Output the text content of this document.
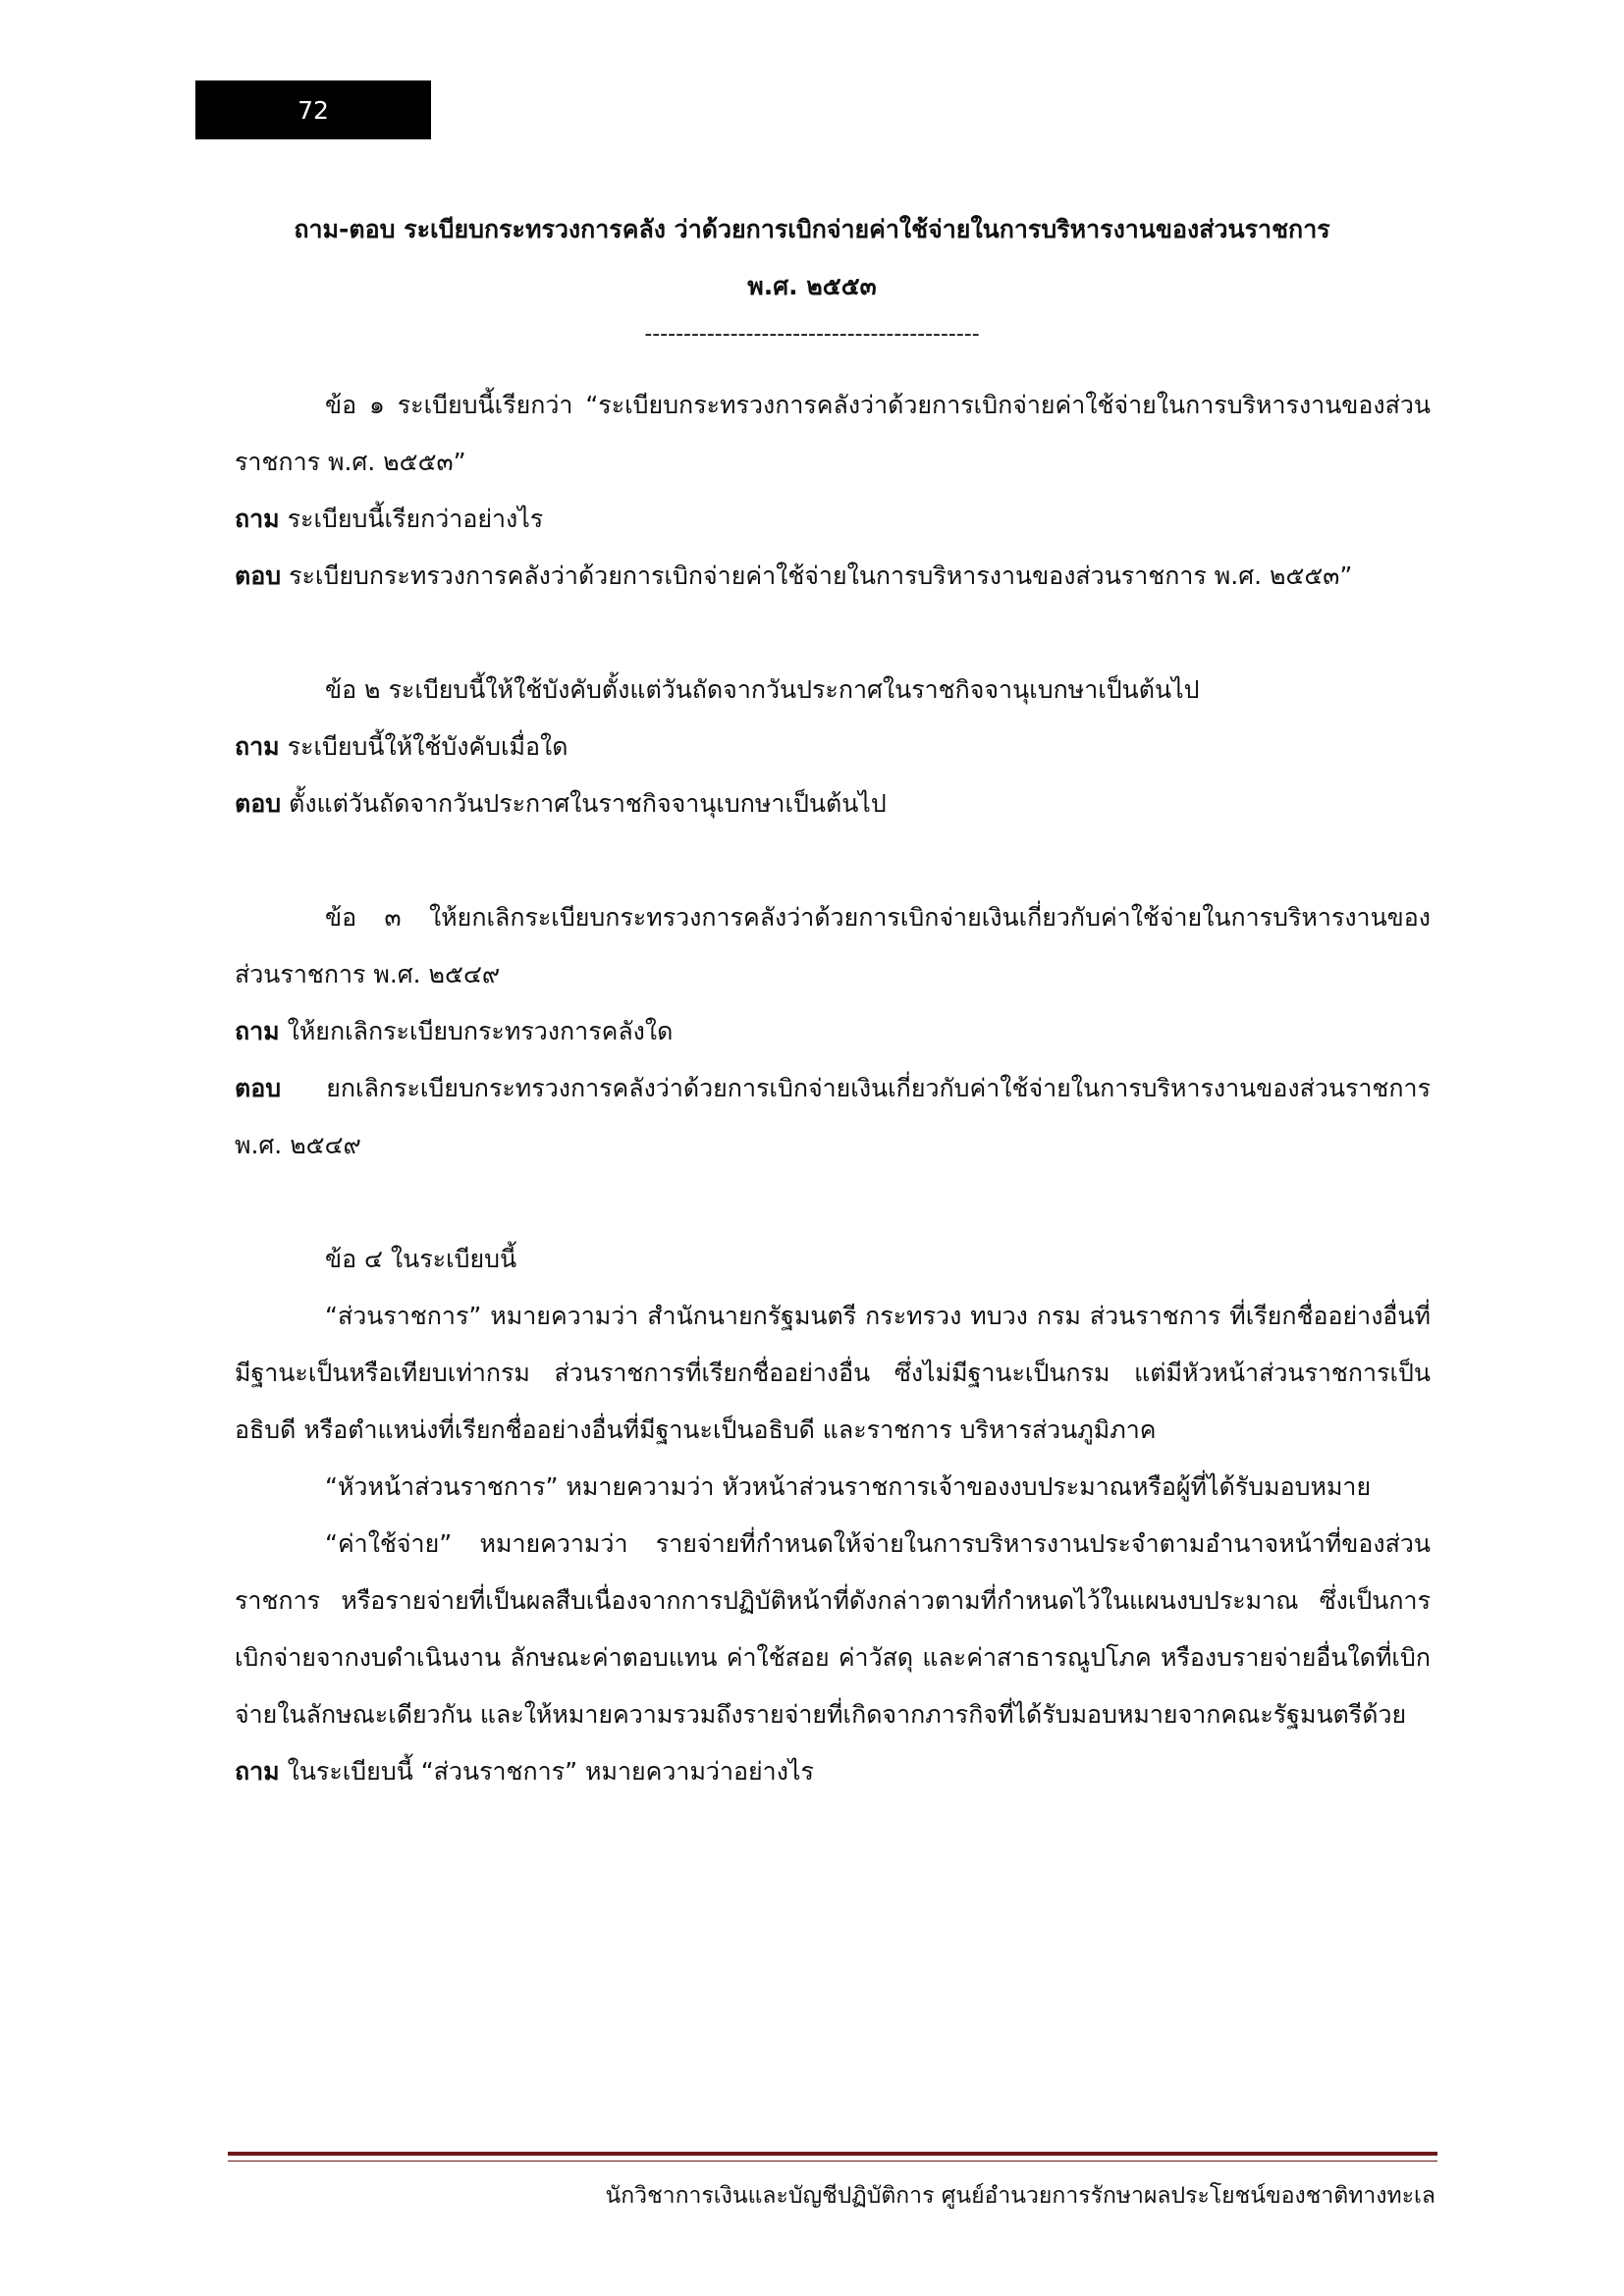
72
ถาม-ตอบ ระเบียบกระทรวงการคลัง ว่าด้วยการเบิกจ่ายค่าใช้จ่ายในการบริหารงานของส่วนราชการ
พ.ศ. ๒๕๕๓
-------------------------------------------

ข้อ ๑ ระเบียบนี้เรียกว่า “ระเบียบกระทรวงการคลังว่าด้วยการเบิกจ่ายค่าใช้จ่ายในการบริหารงานของส่วนราชการ พ.ศ. ๒๕๕๓”

ถาม ระเบียบนี้เรียกว่าอย่างไร

ตอบ ระเบียบกระทรวงการคลังว่าด้วยการเบิกจ่ายค่าใช้จ่ายในการบริหารงานของส่วนราชการ พ.ศ. ๒๕๕๓”

ข้อ ๒ ระเบียบนี้ให้ใช้บังคับตั้งแต่วันถัดจากวันประกาศในราชกิจจานุเบกษาเป็นต้นไป

ถาม ระเบียบนี้ให้ใช้บังคับเมื่อใด

ตอบ ตั้งแต่วันถัดจากวันประกาศในราชกิจจานุเบกษาเป็นต้นไป

ข้อ ๓ ให้ยกเลิกระเบียบกระทรวงการคลังว่าด้วยการเบิกจ่ายเงินเกี่ยวกับค่าใช้จ่ายในการบริหารงานของส่วนราชการ พ.ศ. ๒๕๔๙

ถาม ให้ยกเลิกระเบียบกระทรวงการคลังใด

ตอบ ยกเลิกระเบียบกระทรวงการคลังว่าด้วยการเบิกจ่ายเงินเกี่ยวกับค่าใช้จ่ายในการบริหารงานของส่วนราชการ พ.ศ. ๒๕๔๙

ข้อ ๔ ในระเบียบนี้

“ส่วนราชการ” หมายความว่า สำนักนายกรัฐมนตรี กระทรวง ทบวง กรม ส่วนราชการ ที่เรียกชื่ออย่างอื่นที่มีฐานะเป็นหรือเทียบเท่ากรม ส่วนราชการที่เรียกชื่ออย่างอื่น ซึ่งไม่มีฐานะเป็นกรม แต่มีหัวหน้าส่วนราชการเป็นอธิบดี หรือตำแหน่งที่เรียกชื่ออย่างอื่นที่มีฐานะเป็นอธิบดี และราชการ บริหารส่วนภูมิภาค

“หัวหน้าส่วนราชการ” หมายความว่า หัวหน้าส่วนราชการเจ้าของงบประมาณหรือผู้ที่ได้รับมอบหมาย

“ค่าใช้จ่าย” หมายความว่า รายจ่ายที่กำหนดให้จ่ายในการบริหารงานประจำตามอำนาจหน้าที่ของส่วนราชการ หรือรายจ่ายที่เป็นผลสืบเนื่องจากการปฏิบัติหน้าที่ดังกล่าวตามที่กำหนดไว้ในแผนงบประมาณ ซึ่งเป็นการเบิกจ่ายจากงบดำเนินงาน ลักษณะค่าตอบแทน ค่าใช้สอย ค่าวัสดุ และค่าสาธารณูปโภค หรืองบรายจ่ายอื่นใดที่เบิกจ่ายในลักษณะเดียวกัน และให้หมายความรวมถึงรายจ่ายที่เกิดจากภารกิจที่ได้รับมอบหมายจากคณะรัฐมนตรีด้วย

ถาม ในระเบียบนี้ “ส่วนราชการ” หมายความว่าอย่างไร

นักวิชาการเงินและบัญชีปฏิบัติการ ศูนย์อำนวยการรักษาผลประโยชน์ของชาติทางทะเล
